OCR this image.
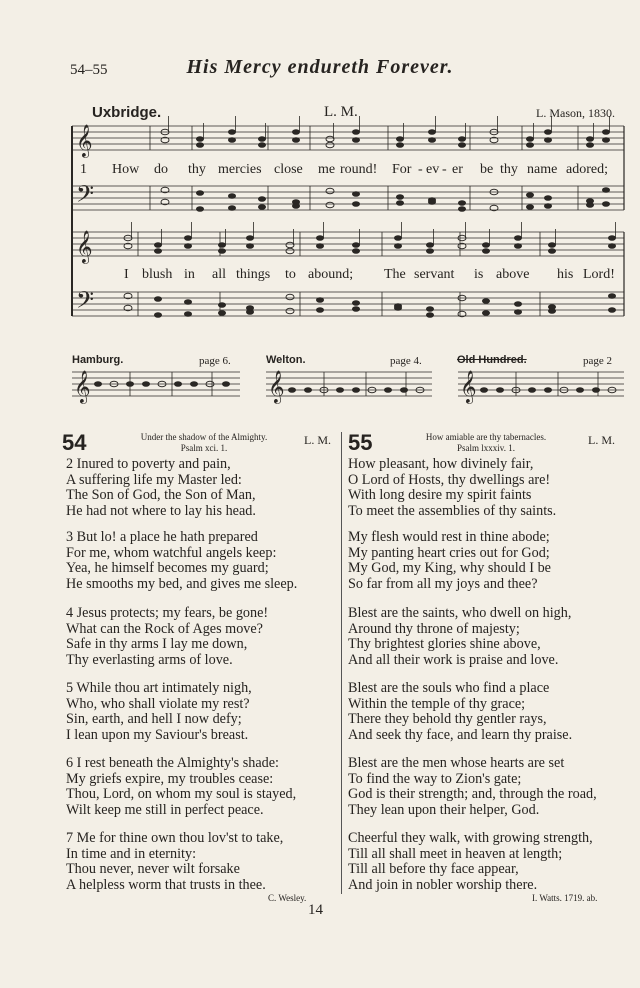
54–55	His Mercy endureth Forever.
Uxbridge.	L. M.	L. Mason, 1830.
𝄞
𝄢
𝄞
𝄢
𝄞	𝄞	𝄞
1 How do thy mercies close me round! For - ev - er be thy name adored;
I blush in all things to abound; The servant is above his Lord!
Hamburg.	page 6.	Welton.	page 4.	Old Hundred.	page 2
54	Under the shadow of the Almighty.
Psalm xci. 1.
L. M.
2 Inured to poverty and pain,
A suffering life my Master led:
The Son of God, the Son of Man,
He had not where to lay his head.
3 But lo! a place he hath prepared
For me, whom watchful angels keep:
Yea, he himself becomes my guard;
He smooths my bed, and gives me sleep.
4 Jesus protects; my fears, be gone!
What can the Rock of Ages move?
Safe in thy arms I lay me down,
Thy everlasting arms of love.
5 While thou art intimately nigh,
Who, who shall violate my rest?
Sin, earth, and hell I now defy;
I lean upon my Saviour's breast.
6 I rest beneath the Almighty's shade:
My griefs expire, my troubles cease:
Thou, Lord, on whom my soul is stayed,
Wilt keep me still in perfect peace.
7 Me for thine own thou lov'st to take,
In time and in eternity:
Thou never, never wilt forsake
A helpless worm that trusts in thee.
C. Wesley.
55	How amiable are thy tabernacles.
Psalm lxxxiv. 1.
L. M.
How pleasant, how divinely fair,
O Lord of Hosts, thy dwellings are!
With long desire my spirit faints
To meet the assemblies of thy saints.
My flesh would rest in thine abode;
My panting heart cries out for God;
My God, my King, why should I be
So far from all my joys and thee?
Blest are the saints, who dwell on high,
Around thy throne of majesty;
Thy brightest glories shine above,
And all their work is praise and love.
Blest are the souls who find a place
Within the temple of thy grace;
There they behold thy gentler rays,
And seek thy face, and learn thy praise.
Blest are the men whose hearts are set
To find the way to Zion's gate;
God is their strength; and, through the road,
They lean upon their helper, God.
Cheerful they walk, with growing strength,
Till all shall meet in heaven at length;
Till all before thy face appear,
And join in nobler worship there.
I. Watts. 1719. ab.
14
